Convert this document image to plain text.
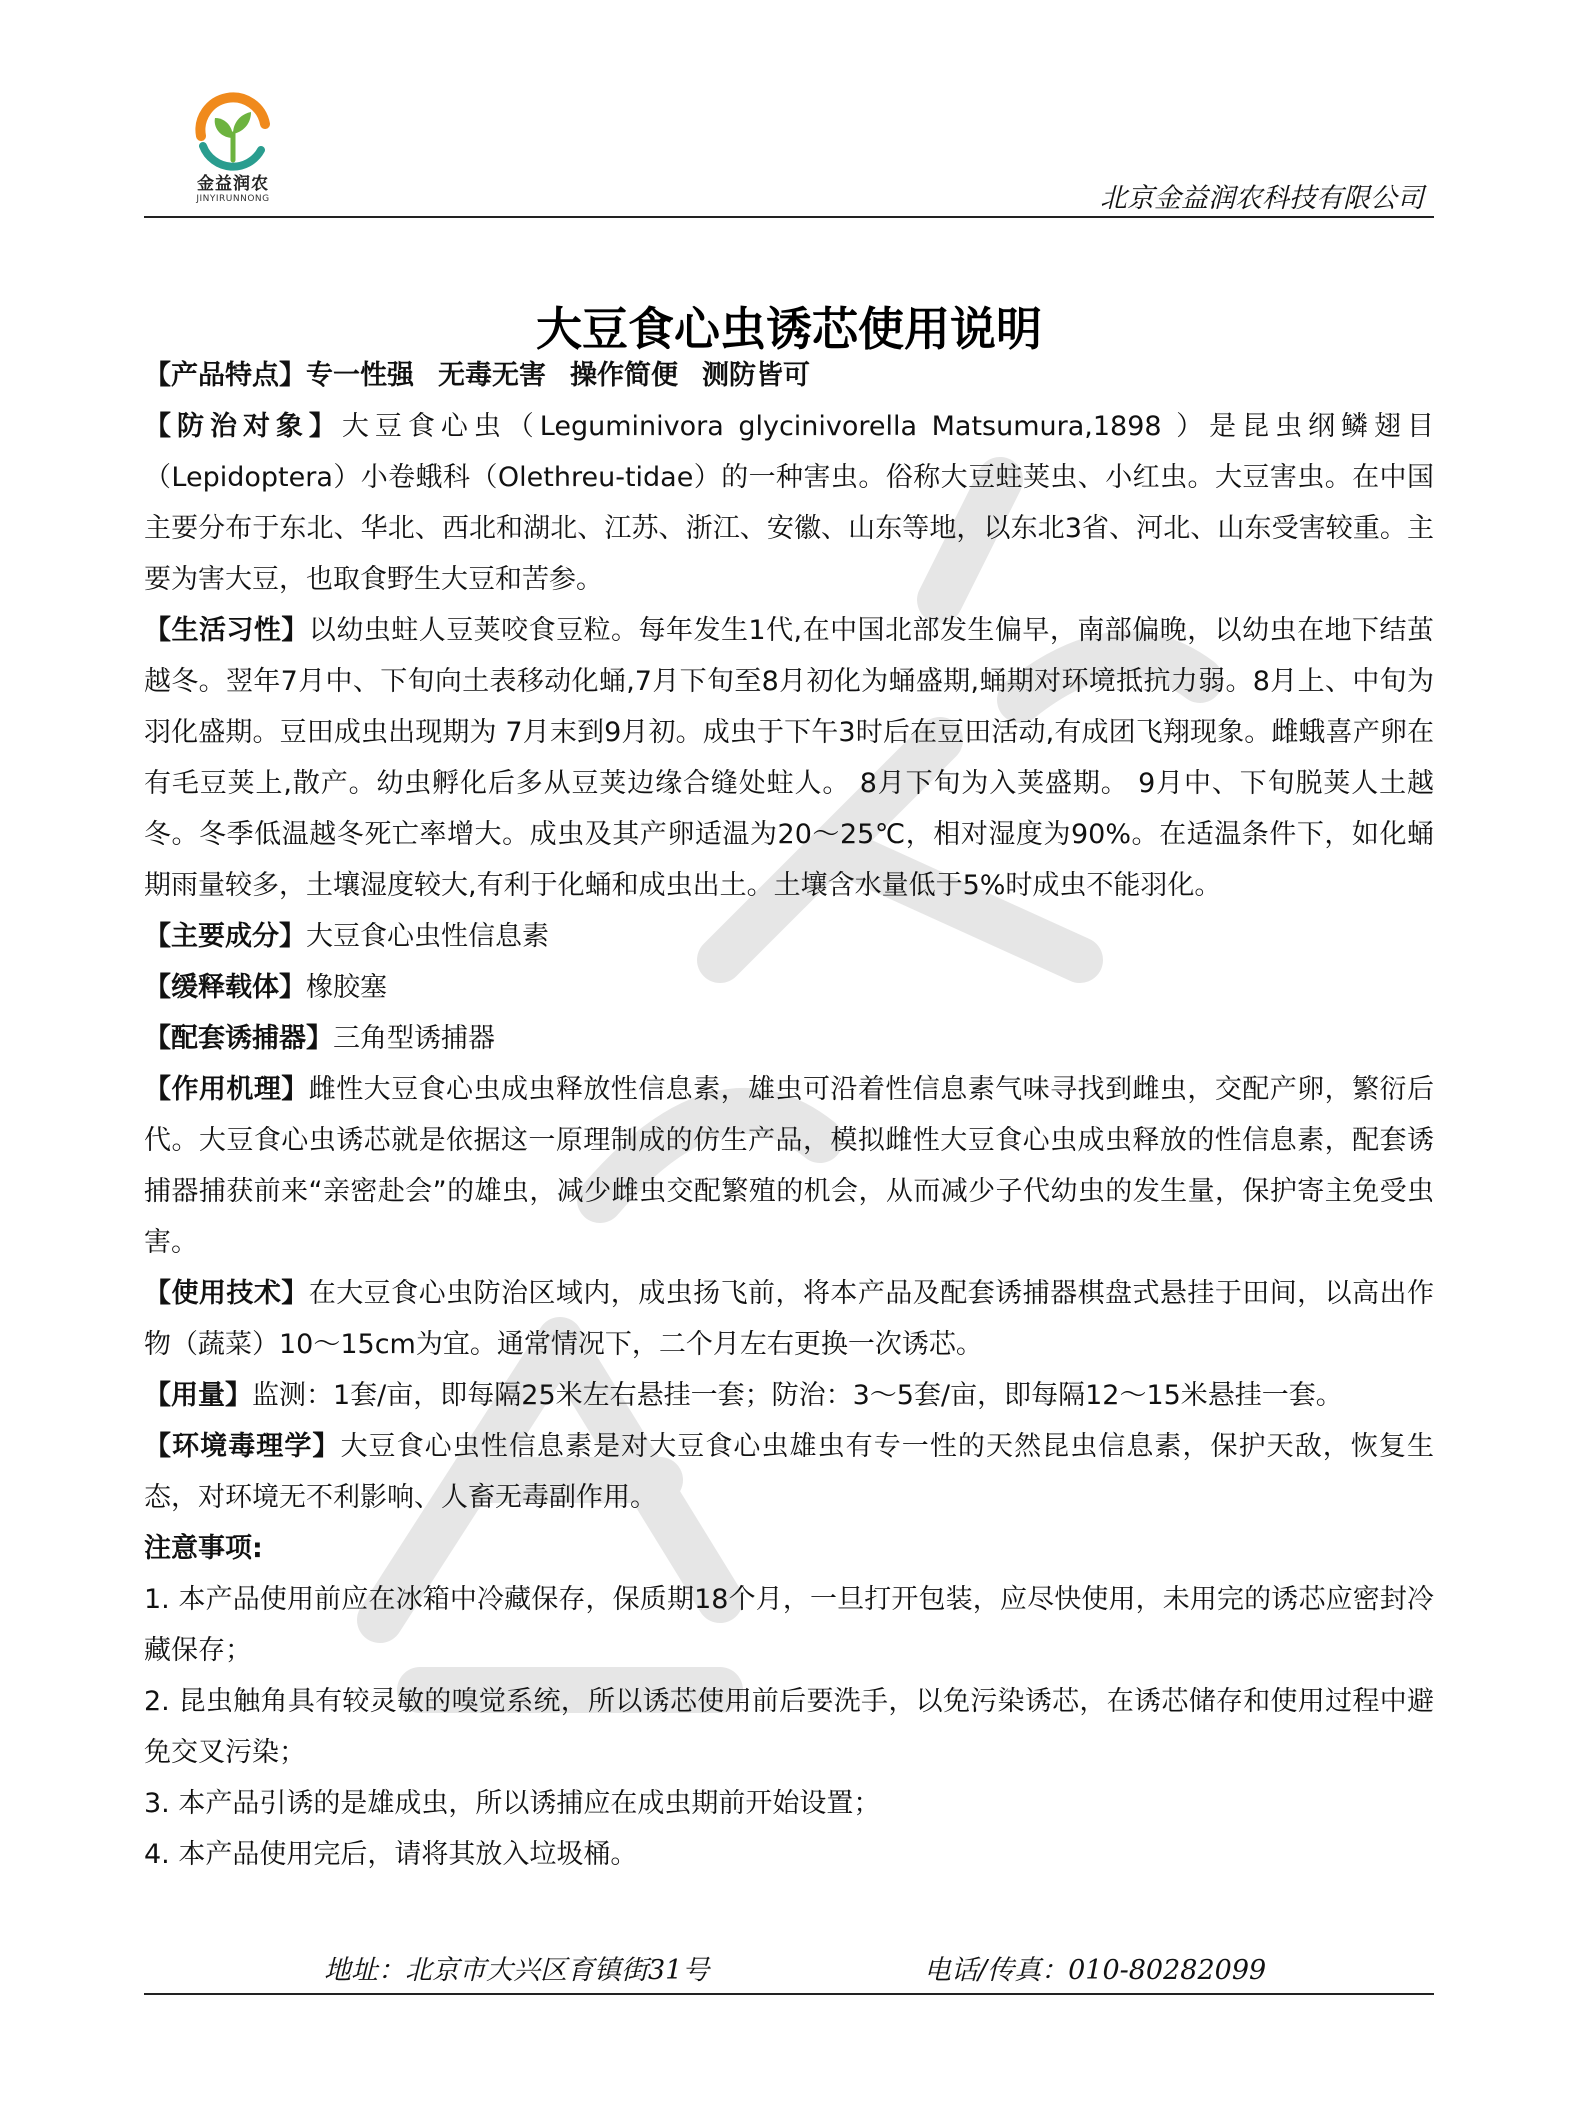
金益润农
JINYIRUNNONG	北京金益润农科技有限公司
大豆食心虫诱芯使用说明

【产品特点】专一性强 无毒无害 操作简便 测防皆可

【防治对象】大豆食心虫（Leguminivora glycinivorella Matsumura,1898 ）是昆虫纲鳞翅目（Lepidoptera）小卷蛾科（Olethreu-tidae）的一种害虫。俗称大豆蛀荚虫、小红虫。大豆害虫。在中国主要分布于东北、华北、西北和湖北、江苏、浙江、安徽、山东等地，以东北3省、河北、山东受害较重。主要为害大豆，也取食野生大豆和苦参。

【生活习性】以幼虫蛀人豆荚咬食豆粒。每年发生1代,在中国北部发生偏早，南部偏晚，以幼虫在地下结茧越冬。翌年7月中、下旬向土表移动化蛹,7月下旬至8月初化为蛹盛期,蛹期对环境抵抗力弱。8月上、中旬为羽化盛期。豆田成虫出现期为 7月末到9月初。成虫于下午3时后在豆田活动,有成团飞翔现象。雌蛾喜产卵在有毛豆荚上,散产。幼虫孵化后多从豆荚边缘合缝处蛀人。 8月下旬为入荚盛期。 9月中、下旬脱荚人土越冬。冬季低温越冬死亡率增大。成虫及其产卵适温为20～25℃，相对湿度为90%。在适温条件下，如化蛹期雨量较多，土壤湿度较大,有利于化蛹和成虫出土。土壤含水量低于5%时成虫不能羽化。

【主要成分】大豆食心虫性信息素

【缓释载体】橡胶塞

【配套诱捕器】三角型诱捕器

【作用机理】雌性大豆食心虫成虫释放性信息素，雄虫可沿着性信息素气味寻找到雌虫，交配产卵，繁衍后代。大豆食心虫诱芯就是依据这一原理制成的仿生产品，模拟雌性大豆食心虫成虫释放的性信息素，配套诱捕器捕获前来“亲密赴会”的雄虫，减少雌虫交配繁殖的机会，从而减少子代幼虫的发生量，保护寄主免受虫害。

【使用技术】在大豆食心虫防治区域内，成虫扬飞前，将本产品及配套诱捕器棋盘式悬挂于田间，以高出作物（蔬菜）10～15cm为宜。通常情况下，二个月左右更换一次诱芯。

【用量】监测：1套/亩，即每隔25米左右悬挂一套；防治：3～5套/亩，即每隔12～15米悬挂一套。

【环境毒理学】大豆食心虫性信息素是对大豆食心虫雄虫有专一性的天然昆虫信息素，保护天敌，恢复生态，对环境无不利影响、人畜无毒副作用。

注意事项:

1. 本产品使用前应在冰箱中冷藏保存，保质期18个月，一旦打开包装，应尽快使用，未用完的诱芯应密封冷藏保存；

2. 昆虫触角具有较灵敏的嗅觉系统，所以诱芯使用前后要洗手，以免污染诱芯，在诱芯储存和使用过程中避免交叉污染；

3. 本产品引诱的是雄成虫，所以诱捕应在成虫期前开始设置；

4. 本产品使用完后，请将其放入垃圾桶。

地址：北京市大兴区育镇街31号	电话/传真：010-80282099
